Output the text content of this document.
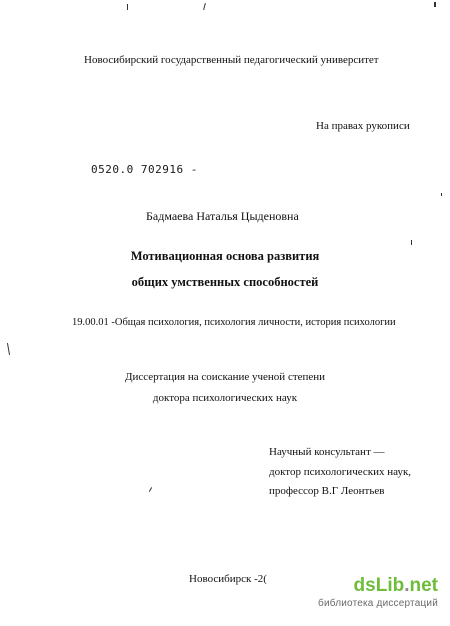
Новосибирский государственный педагогический университет
На правах рукописи
0520.0 702916 -
Бадмаева Наталья Цыденовна
Мотивационная основа развития
общих умственных способностей
19.00.01 -Общая психология, психология личности, история психологии
Диссертация на соискание ученой степени
доктора психологических наук
Научный консультант —
доктор психологических наук,
профессор В.Г Леонтьев
Новосибирск -2(	dsLib.net
библиотека диссертаций
